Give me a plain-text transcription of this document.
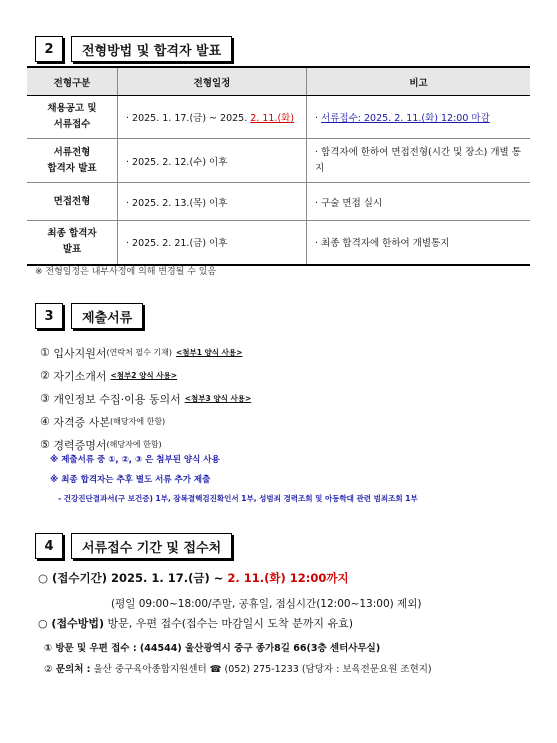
2	전형방법 및 합격자 발표
전형구분	전형일정	비고
채용공고 및
서류접수	· 2025. 1. 17.(금) ~ 2025. 2. 11.(화)	· 서류접수: 2025. 2. 11.(화) 12:00 마감
서류전형
합격자 발표	· 2025. 2. 12.(수) 이후	· 합격자에 한하여 면접전형(시간 및 장소) 개별 통지
면접전형	· 2025. 2. 13.(목) 이후	· 구술 면접 실시
최종 합격자
발표	· 2025. 2. 21.(금) 이후	· 최종 합격자에 한하여 개별통지
※ 전형일정은 내부사정에 의해 변경될 수 있음
3	제출서류
①
입사지원서 (연락처 필수 기재) <첨부1 양식 사용>
②
자기소개서 <첨부2 양식 사용>
③
개인정보 수집·이용 동의서 <첨부3 양식 사용>
④
자격증 사본 (해당자에 한함)
⑤
경력증명서 (해당자에 한함)
※ 제출서류 중 ①, ②, ③ 은 첨부된 양식 사용
※ 최종 합격자는 추후 별도 서류 추가 제출
- 건강진단결과서(구 보건증) 1부, 잠복결핵검진확인서 1부, 성범죄 경력조회 및 아동학대 관련 범죄조회 1부
4	서류접수 기간 및 접수처
○ (접수기간) 2025. 1. 17.(금) ~ 2. 11.(화) 12:00까지
(평일 09:00~18:00/주말, 공휴일, 점심시간(12:00~13:00) 제외)
○ (접수방법) 방문, 우편 접수(접수는 마감일시 도착 분까지 유효)
① 방문 및 우편 접수 : (44544) 울산광역시 중구 종가8길 66(3층 센터사무실)
② 문의처 : 울산 중구육아종합지원센터 ☎ (052) 275-1233 (담당자 : 보육전문요원 조현지)
